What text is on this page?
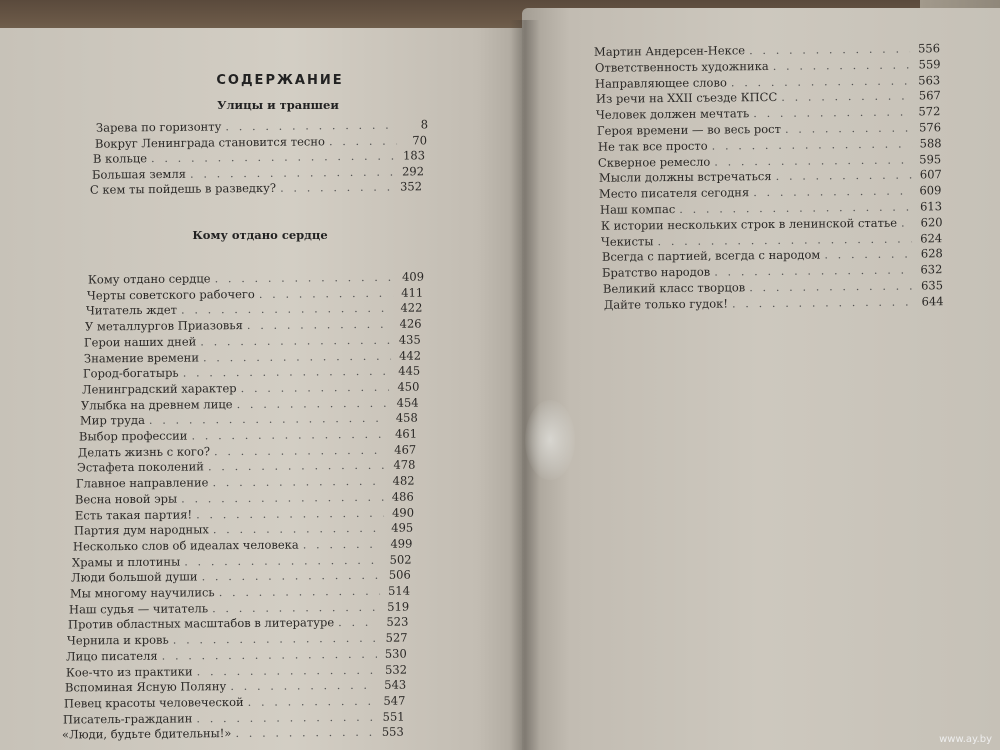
СОДЕРЖАНИЕ
Улицы и траншеи
Зарева по горизонту . . .	8
Вокруг Ленинграда становится тесно . . .	70
В кольце . . .	183
Большая земля . . .	292
С кем ты пойдешь в разведку? . . .	352
Кому отдано сердце
Кому отдано сердце . . .	409
Черты советского рабочего . . .	411
Читатель ждет . . .	422
У металлургов Приазовья . . .	426
Герои наших дней . . .	435
Знамение времени . . .	442
Город-богатырь . . .	445
Ленинградский характер . . .	450
Улыбка на древнем лице . . .	454
Мир труда . . .	458
Выбор профессии . . .	461
Делать жизнь с кого? . . .	467
Эстафета поколений . . .	478
Главное направление . . .	482
Весна новой эры . . .	486
Есть такая партия! . . .	490
Партия дум народных . . .	495
Несколько слов об идеалах человека . . .	499
Храмы и плотины . . .	502
Люди большой души . . .	506
Мы многому научились . . .	514
Наш судья — читатель . . .	519
Против областных масштабов в литературе . . .	523
Чернила и кровь . . .	527
Лицо писателя . . .	530
Кое-что из практики . . .	532
Вспоминая Ясную Поляну . . .	543
Певец красоты человеческой . . .	547
Писатель-гражданин . . .	551
«Люди, будьте бдительны!» . . .	553
Мартин Андерсен-Нексе . . .	556
Ответственность художника . . .	559
Направляющее слово . . .	563
Из речи на XXII съезде КПСС . . .	567
Человек должен мечтать . . .	572
Героя времени — во весь рост . . .	576
Не так все просто . . .	588
Скверное ремесло . . .	595
Мысли должны встречаться . . .	607
Место писателя сегодня . . .	609
Наш компас . . .	613
К истории нескольких строк в ленинской статье . . .	620
Чекисты . . .	624
Всегда с партией, всегда с народом . . .	628
Братство народов . . .	632
Великий класс творцов . . .	635
Дайте только гудок! . . .	644
www.ay.by
